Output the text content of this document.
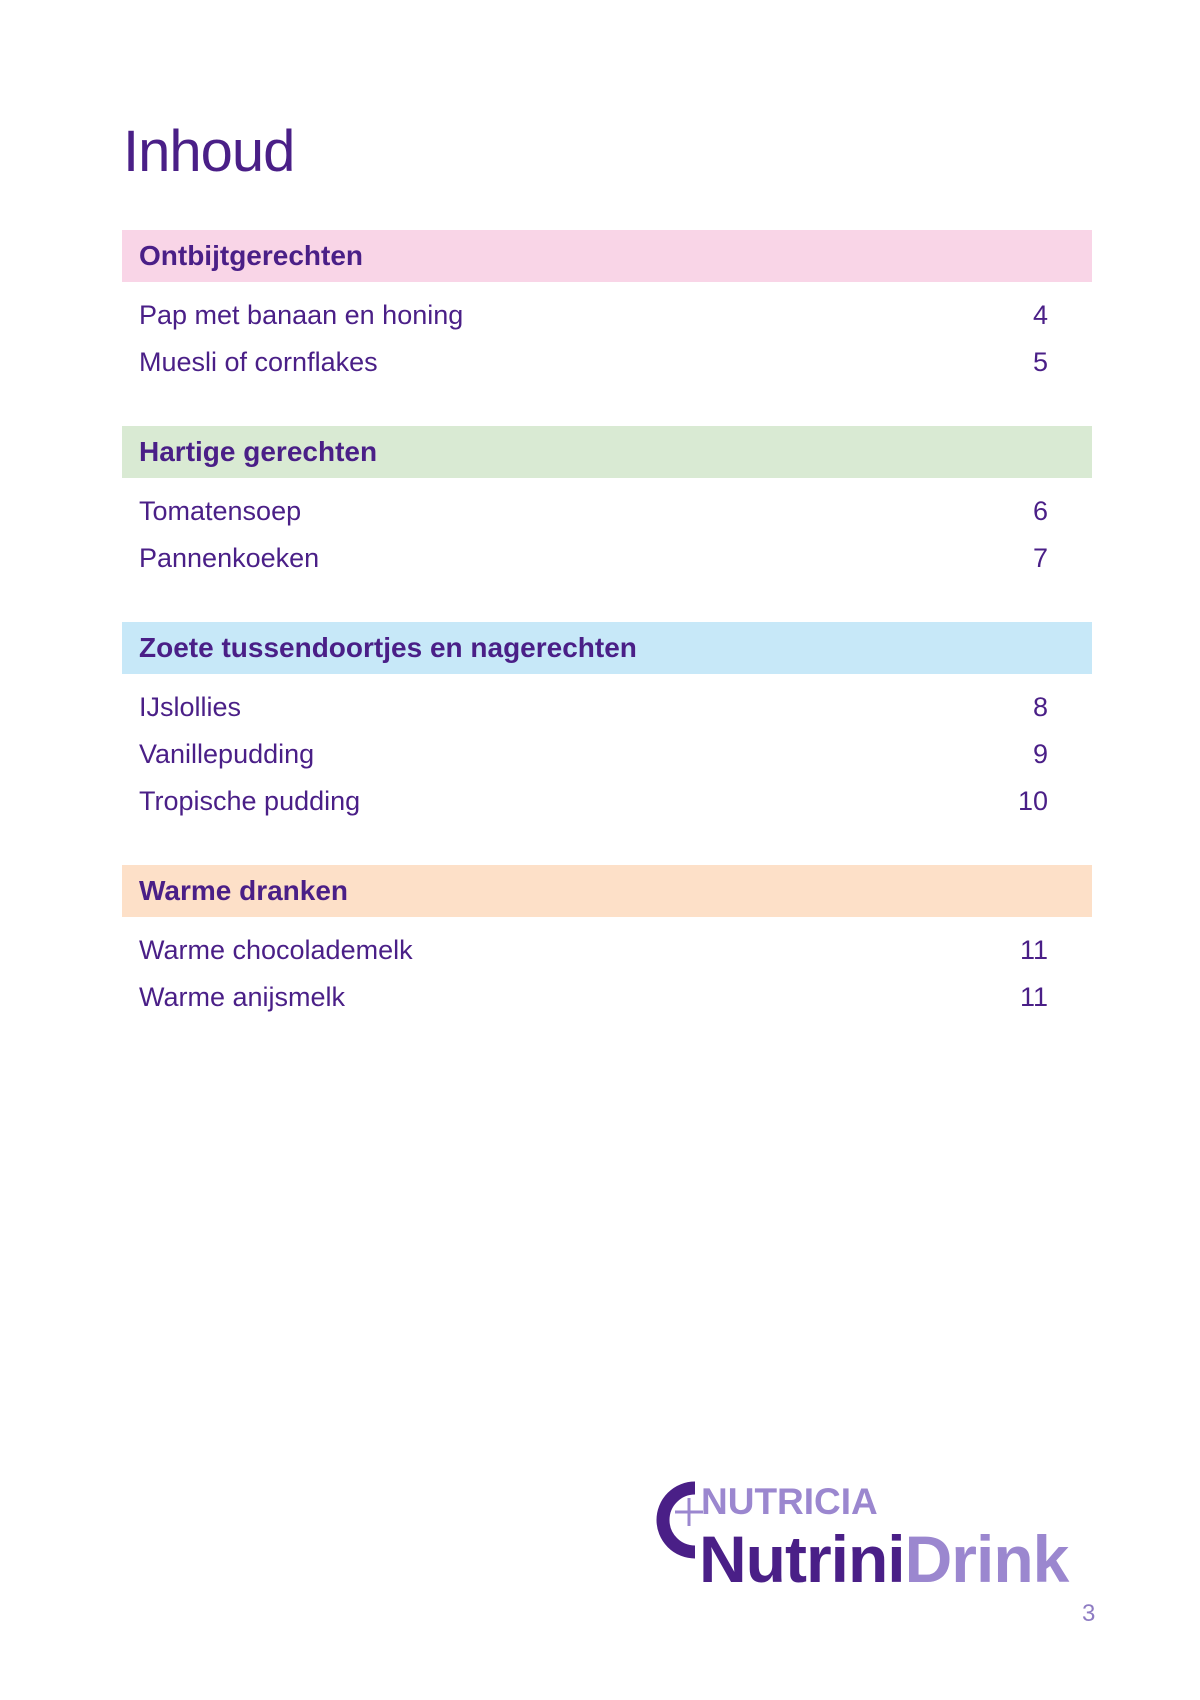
Inhoud
Ontbijtgerechten
Pap met banaan en honing	4
Muesli of cornflakes	5
Hartige gerechten
Tomatensoep	6
Pannenkoeken	7
Zoete tussendoortjes en nagerechten
IJslollies	8
Vanillepudding	9
Tropische pudding	10
Warme dranken
Warme chocolademelk	11
Warme anijsmelk	11
NUTRICIA
NutriniDrink
3
